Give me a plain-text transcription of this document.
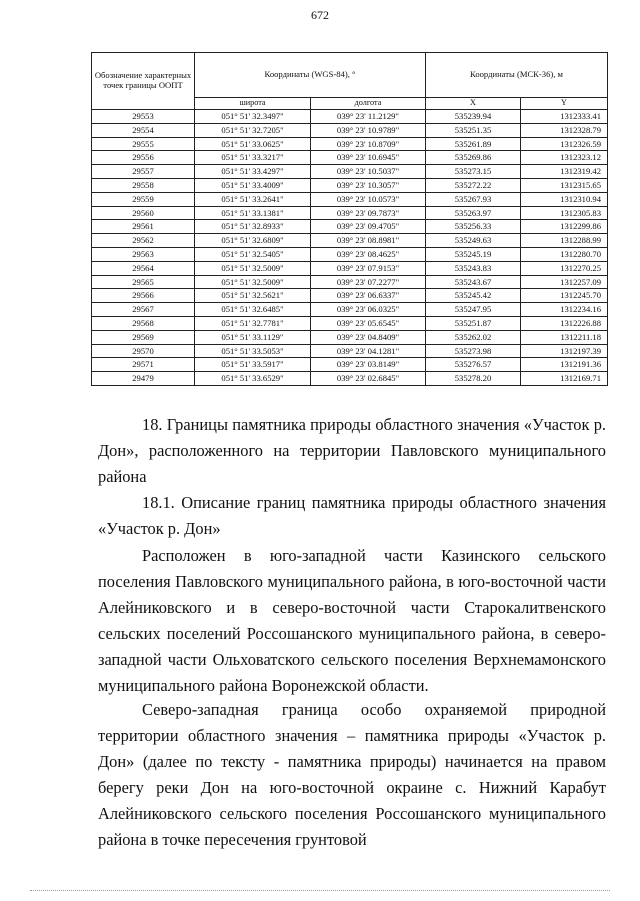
672
Обозначение характерных точек границы ООПТ	Координаты (WGS-84), °		Координаты (МСК-36), м	
	широта	долгота	X	Y
29553	051° 51' 32.3497"	039° 23' 11.2129"	535239.94	1312333.41
29554	051° 51' 32.7205"	039° 23' 10.9789"	535251.35	1312328.79
29555	051° 51' 33.0625"	039° 23' 10.8709"	535261.89	1312326.59
29556	051° 51' 33.3217"	039° 23' 10.6945"	535269.86	1312323.12
29557	051° 51' 33.4297"	039° 23' 10.5037"	535273.15	1312319.42
29558	051° 51' 33.4009"	039° 23' 10.3057"	535272.22	1312315.65
29559	051° 51' 33.2641"	039° 23' 10.0573"	535267.93	1312310.94
29560	051° 51' 33.1381"	039° 23' 09.7873"	535263.97	1312305.83
29561	051° 51' 32.8933"	039° 23' 09.4705"	535256.33	1312299.86
29562	051° 51' 32.6809"	039° 23' 08.8981"	535249.63	1312288.99
29563	051° 51' 32.5405"	039° 23' 08.4625"	535245.19	1312280.70
29564	051° 51' 32.5009"	039° 23' 07.9153"	535243.83	1312270.25
29565	051° 51' 32.5009"	039° 23' 07.2277"	535243.67	1312257.09
29566	051° 51' 32.5621"	039° 23' 06.6337"	535245.42	1312245.70
29567	051° 51' 32.6485"	039° 23' 06.0325"	535247.95	1312234.16
29568	051° 51' 32.7781"	039° 23' 05.6545"	535251.87	1312226.88
29569	051° 51' 33.1129"	039° 23' 04.8409"	535262.02	1312211.18
29570	051° 51' 33.5053"	039° 23' 04.1281"	535273.98	1312197.39
29571	051° 51' 33.5917"	039° 23' 03.8149"	535276.57	1312191.36
29479	051° 51' 33.6529"	039° 23' 02.6845"	535278.20	1312169.71

18. Границы памятника природы областного значения «Участок р. Дон», расположенного на территории Павловского муниципального района

18.1. Описание границ памятника природы областного значения «Участок р. Дон»

Расположен в юго-западной части Казинского сельского поселения Павловского муниципального района, в юго-восточной части Алейниковского и в северо-восточной части Старокалитвенского сельских поселений Россошанского муниципального района, в северо-западной части Ольховатского сельского поселения Верхнемамонского муниципального района Воронежской области.

Северо-западная граница особо охраняемой природной территории областного значения – памятника природы «Участок р. Дон» (далее по тексту - памятника природы) начинается на правом берегу реки Дон на юго-восточной окраине с. Нижний Карабут Алейниковского сельского поселения Россошанского муниципального района в точке пересечения грунтовой
